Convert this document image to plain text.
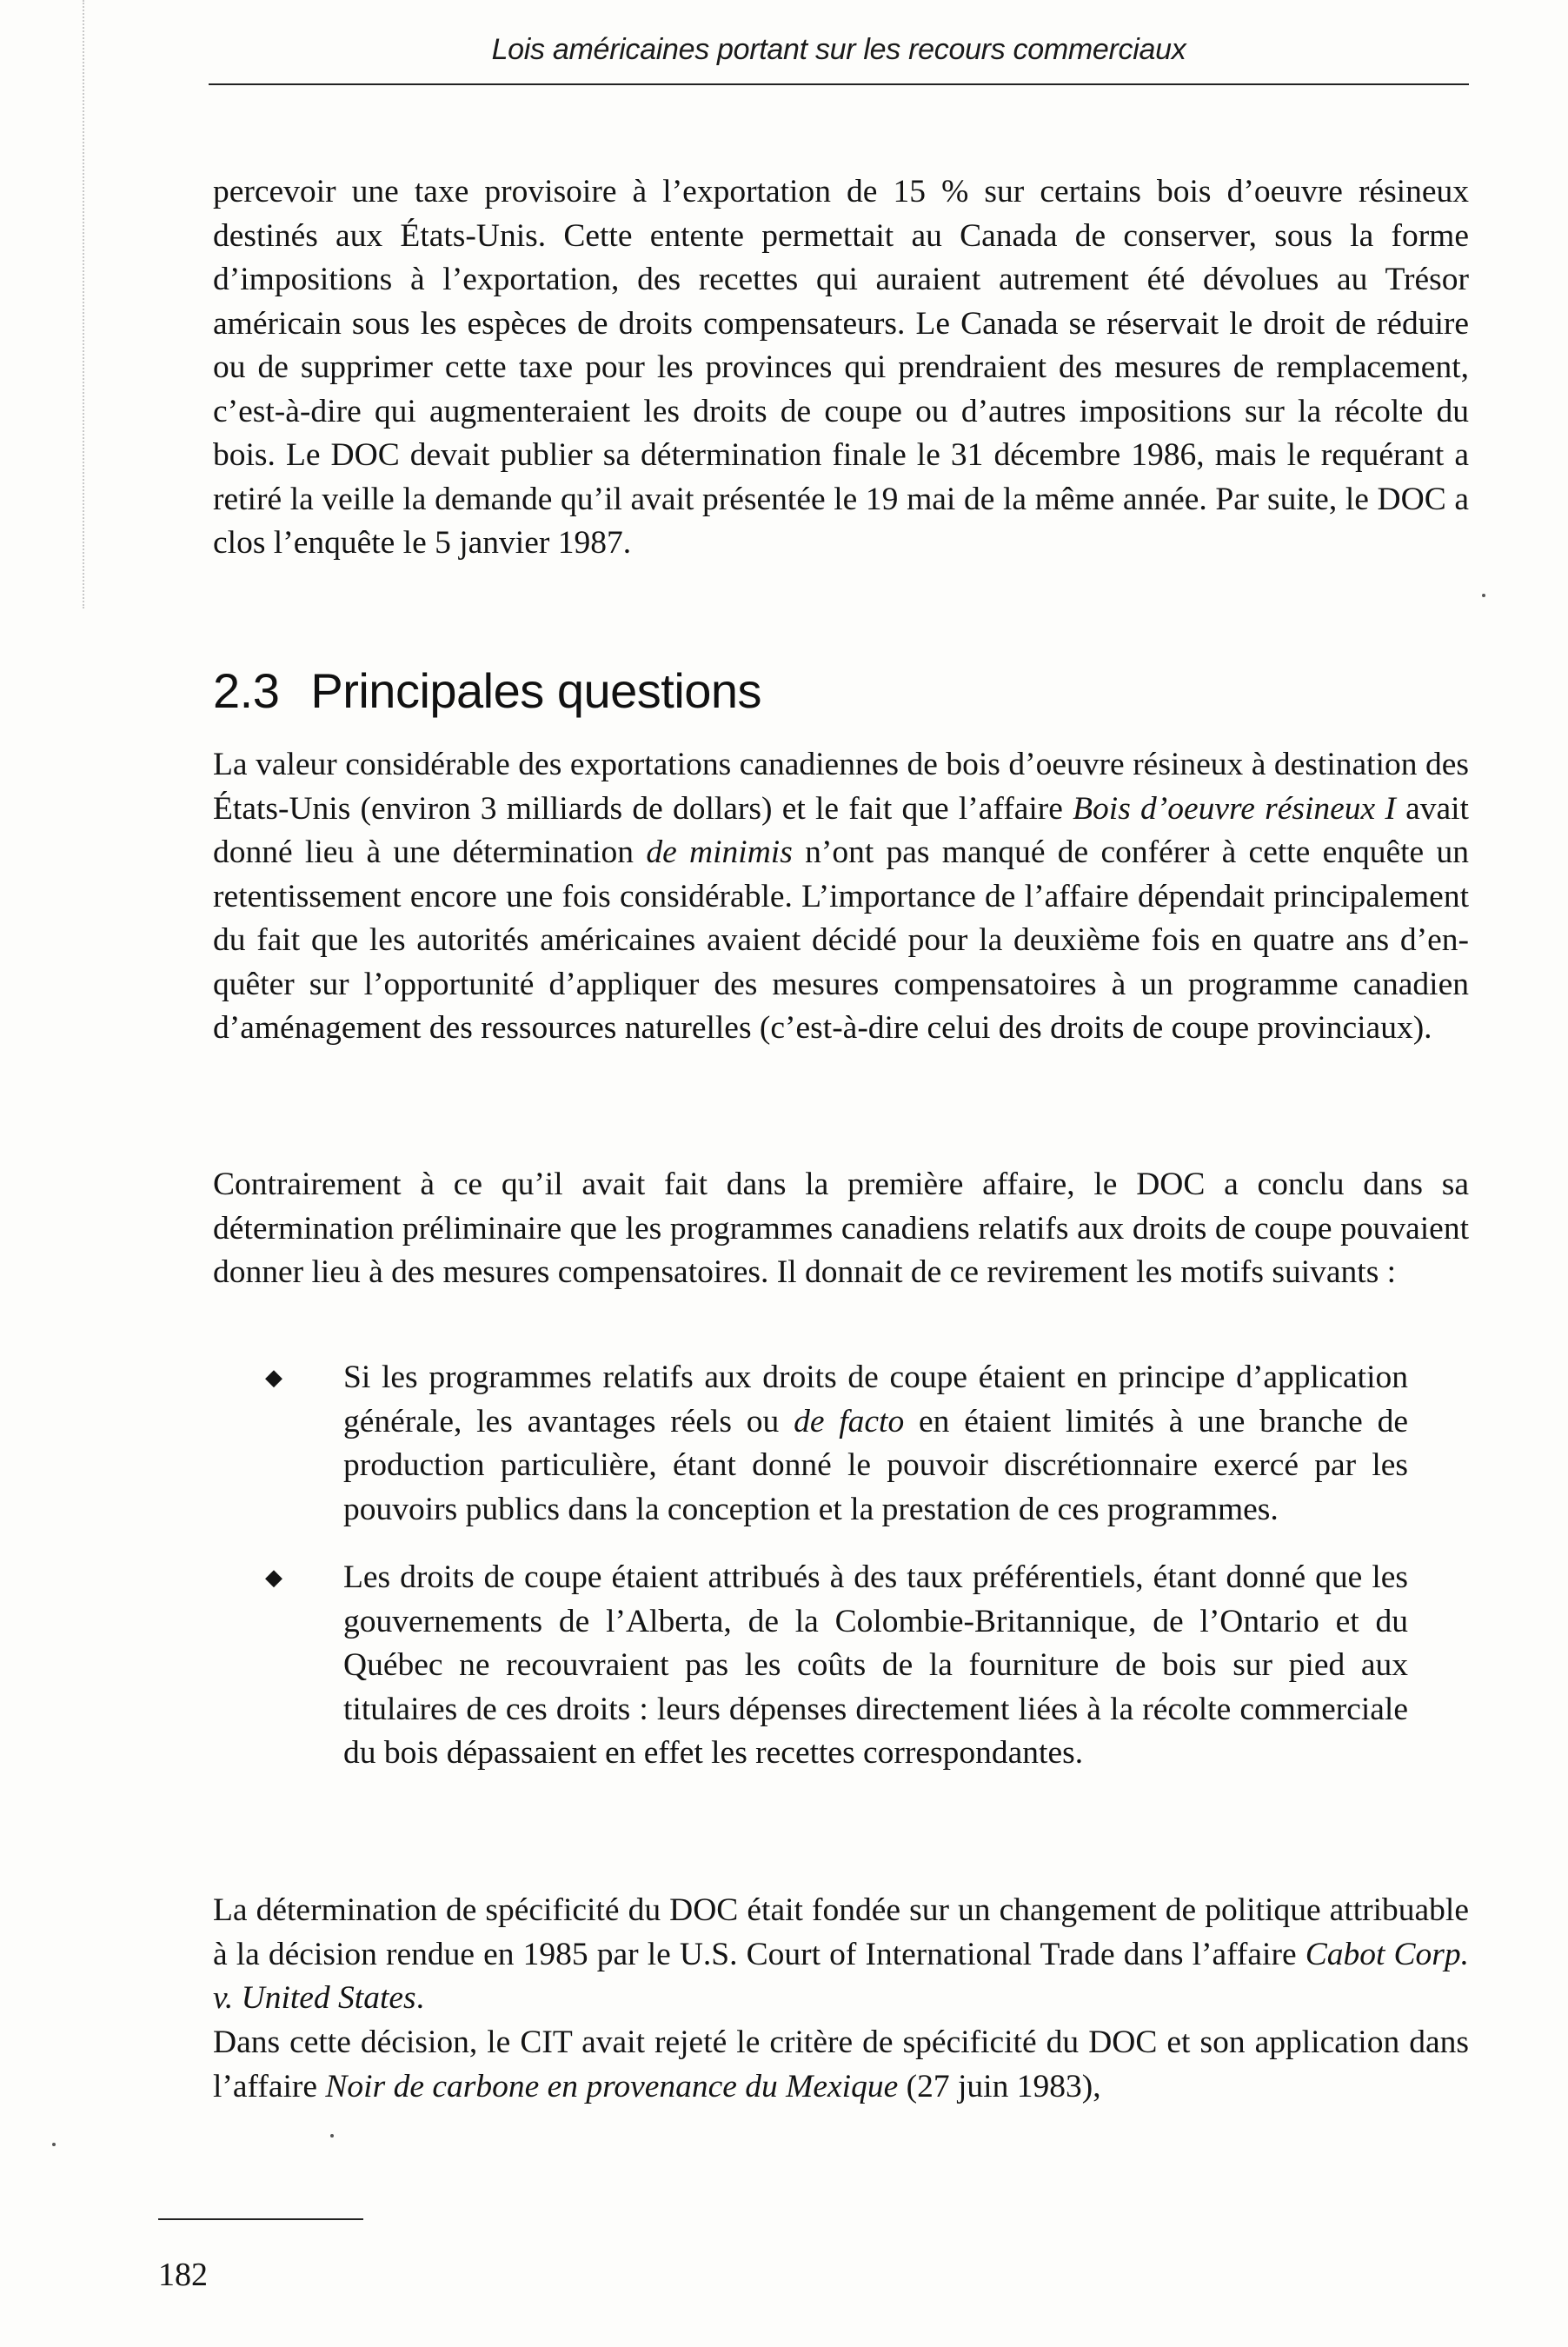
Lois américaines portant sur les recours commerciaux

percevoir une taxe provisoire à l’exportation de 15 % sur certains bois d’oeuvre résineux destinés aux États-Unis. Cette entente permettait au Canada de conserver, sous la forme d’impositions à l’exportation, des recettes qui auraient autrement été dévolues au Trésor américain sous les espèces de droits compensateurs. Le Canada se réservait le droit de réduire ou de supprimer cette taxe pour les provinces qui prendraient des mesures de remplacement, c’est-à-dire qui augmenteraient les droits de coupe ou d’autres impositions sur la récolte du bois. Le DOC devait publier sa détermination finale le 31 décembre 1986, mais le requérant a retiré la veille la demande qu’il avait présentée le 19 mai de la même année. Par suite, le DOC a clos l’enquête le 5 janvier 1987.

2.3 Principales questions

La valeur considérable des exportations canadiennes de bois d’oeuvre résineux à destination des États-Unis (environ 3 milliards de dollars) et le fait que l’affaire Bois d’oeuvre résineux I avait donné lieu à une détermination de minimis n’ont pas manqué de conférer à cette enquête un retentissement encore une fois considérable. L’importance de l’affaire dépendait principalement du fait que les autorités américaines avaient décidé pour la deuxième fois en quatre ans d’enquêter sur l’opportunité d’appliquer des mesures compensatoires à un programme canadien d’aménagement des ressources naturelles (c’est-à-dire celui des droits de coupe provinciaux).

Contrairement à ce qu’il avait fait dans la première affaire, le DOC a conclu dans sa détermination préliminaire que les programmes canadiens relatifs aux droits de coupe pouvaient donner lieu à des mesures compensatoires. Il donnait de ce revirement les motifs suivants :

◆ Si les programmes relatifs aux droits de coupe étaient en principe d’application générale, les avantages réels ou de facto en étaient limités à une branche de production particulière, étant donné le pouvoir discrétionnaire exercé par les pouvoirs publics dans la conception et la prestation de ces programmes.
◆ Les droits de coupe étaient attribués à des taux préférentiels, étant donné que les gouvernements de l’Alberta, de la Colombie-Britannique, de l’Ontario et du Québec ne recouvraient pas les coûts de la fourniture de bois sur pied aux titulaires de ces droits : leurs dépenses directement liées à la récolte commerciale du bois dépassaient en effet les recettes correspondantes.

La détermination de spécificité du DOC était fondée sur un changement de politique attribuable à la décision rendue en 1985 par le U.S. Court of International Trade dans l’affaire Cabot Corp. v. United States.

Dans cette décision, le CIT avait rejeté le critère de spécificité du DOC et son application dans l’affaire Noir de carbone en provenance du Mexique (27 juin 1983),

182
